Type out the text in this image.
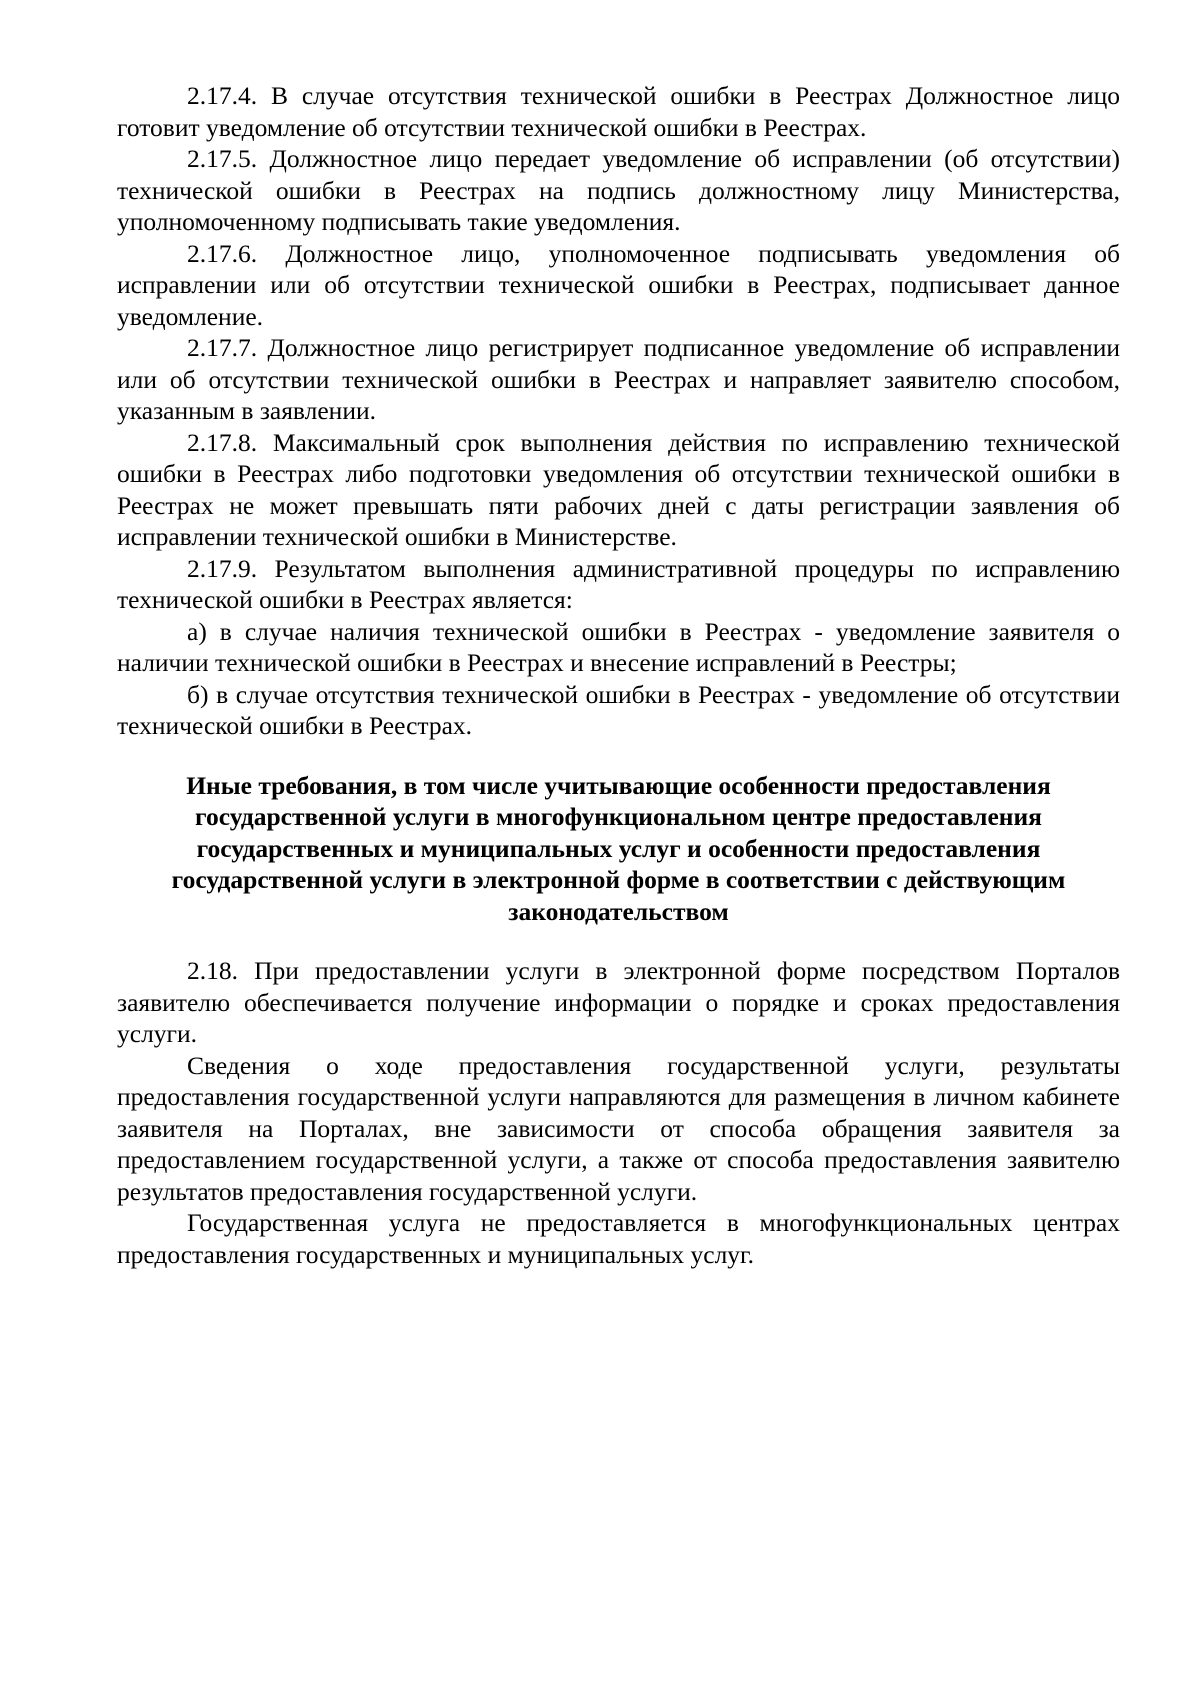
2.17.4. В случае отсутствия технической ошибки в Реестрах Должностное лицо готовит уведомление об отсутствии технической ошибки в Реестрах.

2.17.5. Должностное лицо передает уведомление об исправлении (об отсутствии) технической ошибки в Реестрах на подпись должностному лицу Министерства, уполномоченному подписывать такие уведомления.

2.17.6. Должностное лицо, уполномоченное подписывать уведомления об исправлении или об отсутствии технической ошибки в Реестрах, подписывает данное уведомление.

2.17.7. Должностное лицо регистрирует подписанное уведомление об исправлении или об отсутствии технической ошибки в Реестрах и направляет заявителю способом, указанным в заявлении.

2.17.8. Максимальный срок выполнения действия по исправлению технической ошибки в Реестрах либо подготовки уведомления об отсутствии технической ошибки в Реестрах не может превышать пяти рабочих дней с даты регистрации заявления об исправлении технической ошибки в Министерстве.

2.17.9. Результатом выполнения административной процедуры по исправлению технической ошибки в Реестрах является:

а) в случае наличия технической ошибки в Реестрах - уведомление заявителя о наличии технической ошибки в Реестрах и внесение исправлений в Реестры;

б) в случае отсутствия технической ошибки в Реестрах - уведомление об отсутствии технической ошибки в Реестрах.

Иные требования, в том числе учитывающие особенности предоставления государственной услуги в многофункциональном центре предоставления государственных и муниципальных услуг и особенности предоставления государственной услуги в электронной форме в соответствии с действующим законодательством

2.18. При предоставлении услуги в электронной форме посредством Порталов заявителю обеспечивается получение информации о порядке и сроках предоставления услуги.

Сведения о ходе предоставления государственной услуги, результаты предоставления государственной услуги направляются для размещения в личном кабинете заявителя на Порталах, вне зависимости от способа обращения заявителя за предоставлением государственной услуги, а также от способа предоставления заявителю результатов предоставления государственной услуги.

Государственная услуга не предоставляется в многофункциональных центрах предоставления государственных и муниципальных услуг.
